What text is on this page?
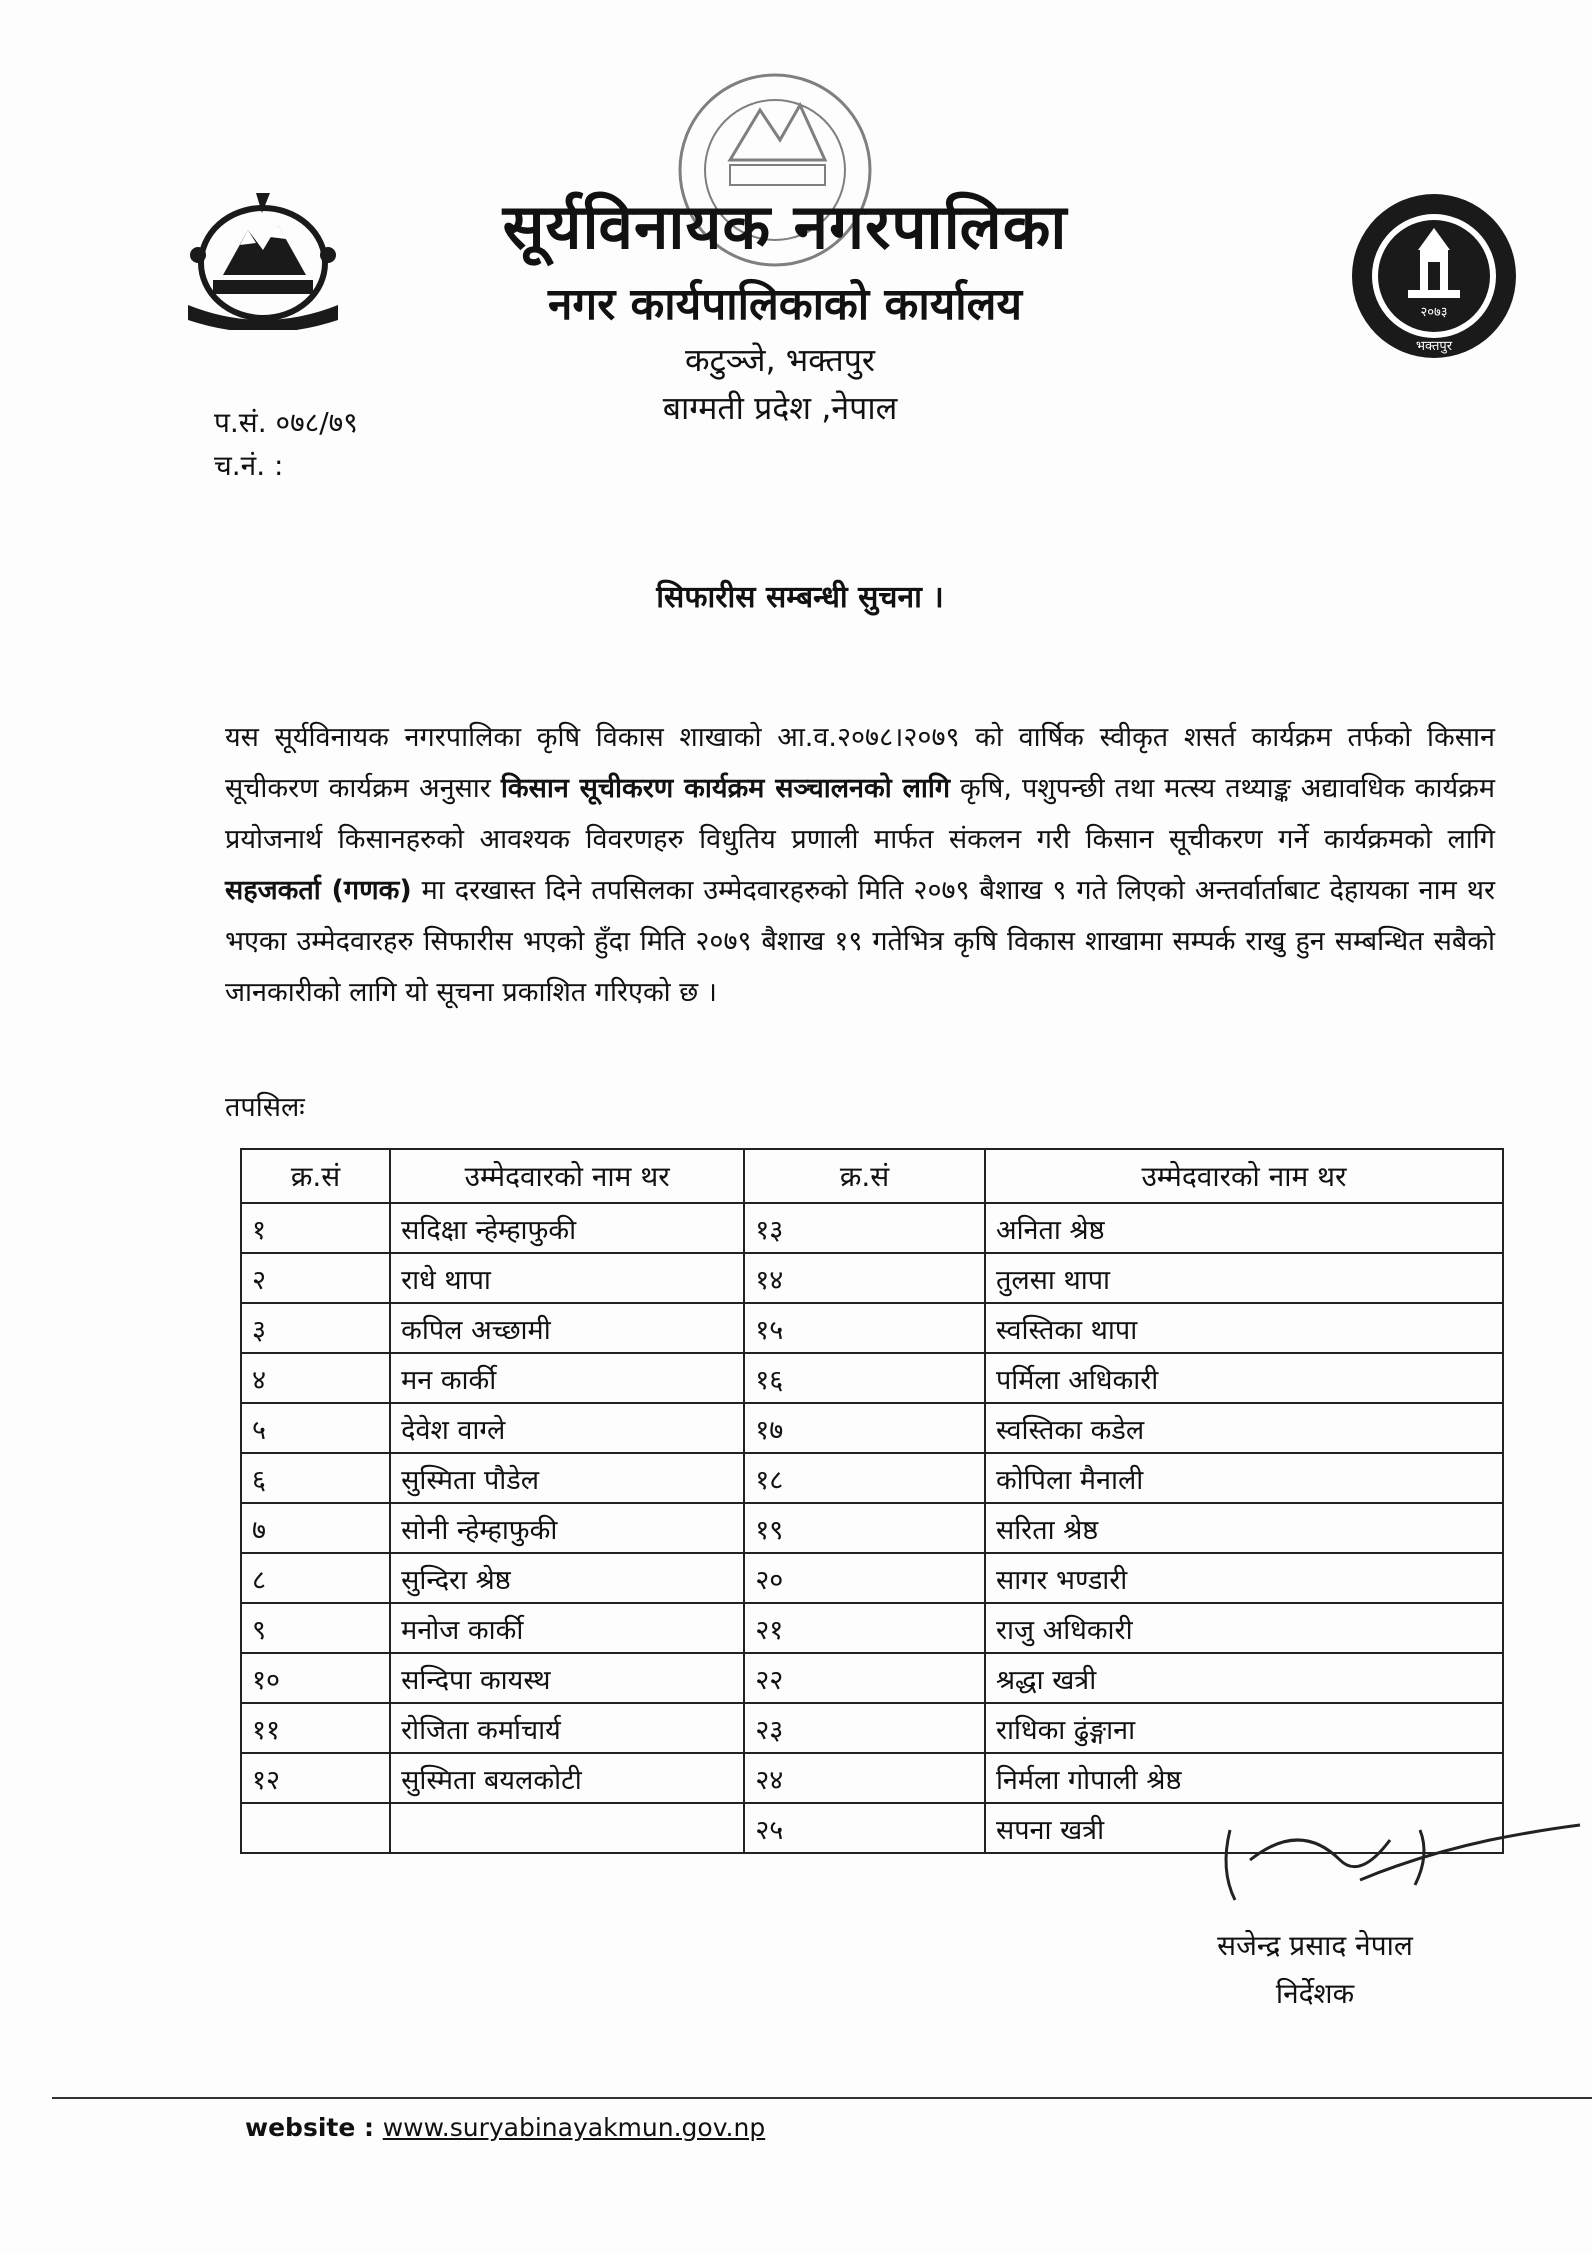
२०७३
भक्तपुर
सूर्यविनायक नगरपालिका
नगर कार्यपालिकाको कार्यालय
कटुञ्जे, भक्तपुर
बाग्मती प्रदेश ,नेपाल
प.सं. ०७८/७९
च.नं. :
सिफारीस सम्बन्धी सुचना ।
यस सूर्यविनायक नगरपालिका कृषि विकास शाखाको आ.व.२०७८।२०७९ को वार्षिक स्वीकृत शसर्त कार्यक्रम तर्फको किसान सूचीकरण कार्यक्रम अनुसार किसान सूचीकरण कार्यक्रम सञ्चालनको लागि कृषि, पशुपन्छी तथा मत्स्य तथ्याङ्क अद्यावधिक कार्यक्रम प्रयोजनार्थ किसानहरुको आवश्यक विवरणहरु विधुतिय प्रणाली मार्फत संकलन गरी किसान सूचीकरण गर्ने कार्यक्रमको लागि सहजकर्ता (गणक) मा दरखास्त दिने तपसिलका उम्मेदवारहरुको मिति २०७९ बैशाख ९ गते लिएको अन्तर्वार्ताबाट देहायका नाम थर भएका उम्मेदवारहरु सिफारीस भएको हुँदा मिति २०७९ बैशाख १९ गतेभित्र कृषि विकास शाखामा सम्पर्क राखु हुन सम्बन्धित सबैको जानकारीको लागि यो सूचना प्रकाशित गरिएको छ ।
तपसिलः
क्र.सं	उम्मेदवारको नाम थर	क्र.सं	उम्मेदवारको नाम थर
१	सदिक्षा न्हेम्हाफुकी	१३	अनिता श्रेष्ठ
२	राधे थापा	१४	तुलसा थापा
३	कपिल अच्छामी	१५	स्वस्तिका थापा
४	मन कार्की	१६	पर्मिला अधिकारी
५	देवेश वाग्ले	१७	स्वस्तिका कडेल
६	सुस्मिता पौडेल	१८	कोपिला मैनाली
७	सोनी न्हेम्हाफुकी	१९	सरिता श्रेष्ठ
८	सुन्दिरा श्रेष्ठ	२०	सागर भण्डारी
९	मनोज कार्की	२१	राजु अधिकारी
१०	सन्दिपा कायस्थ	२२	श्रद्धा खत्री
११	रोजिता कर्माचार्य	२३	राधिका ढुंङ्गाना
१२	सुस्मिता बयलकोटी	२४	निर्मला गोपाली श्रेष्ठ
		२५	सपना खत्री
सजेन्द्र प्रसाद नेपाल
निर्देशक
website : www.suryabinayakmun.gov.np
